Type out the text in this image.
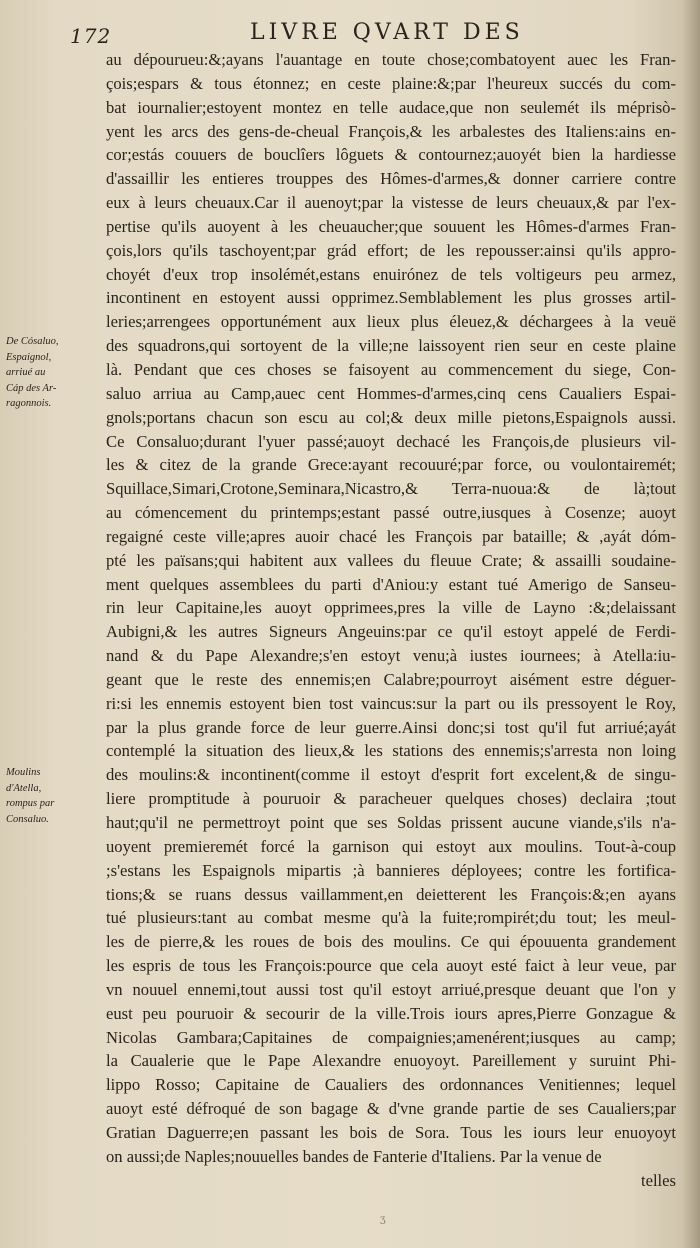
172	LIVRE QVART DES
De Cósaluo,
Espaignol,
arriué au
Cáp des Ar-
ragonnois.
Moulins
d'Atella,
rompus par
Consaluo.
au dépourueu:&;ayans l'auantage en toute chose;combatoyent auec les Fran-
çois;espars & tous étonnez; en ceste plaine:&;par l'heureux succés du com-
bat iournalier;estoyent montez en telle audace,que non seulemét ils méprisò-
yent les arcs des gens-de-cheual François,& les arbalestes des Italiens:ains en-
cor;estás couuers de bouclîers lôguets & contournez;auoyét bien la hardiesse
d'assaillir les entieres trouppes des Hômes-d'armes,& donner carriere contre
eux à leurs cheuaux.Car il auenoyt;par la vistesse de leurs cheuaux,& par l'ex-
pertise qu'ils auoyent à les cheuaucher;que souuent les Hômes-d'armes Fran-
çois,lors qu'ils taschoyent;par grád effort; de les repousser:ainsi qu'ils appro-
choyét d'eux trop insolémét,estans enuirónez de tels voltigeurs peu armez,
incontinent en estoyent aussi opprimez.Semblablement les plus grosses artil-
leries;arrengees opportunément aux lieux plus éleuez,& déchargees à la veuë
des squadrons,qui sortoyent de la ville;ne laissoyent rien seur en ceste plaine
là. Pendant que ces choses se faisoyent au commencement du siege, Con-
saluo arriua au Camp,auec cent Hommes-d'armes,cinq cens Caualiers Espai-
gnols;portans chacun son escu au col;& deux mille pietons,Espaignols aussi.
Ce Consaluo;durant l'yuer passé;auoyt dechacé les François,de plusieurs vil-
les & citez de la grande Grece:ayant recouuré;par force, ou voulontairemét;
Squillace,Simari,Crotone,Seminara,Nicastro,& Terra-nuoua:& de là;tout
au cómencement du printemps;estant passé outre,iusques à Cosenze; auoyt
regaigné ceste ville;apres auoir chacé les François par bataille; & ,ayát dóm-
pté les païsans;qui habitent aux vallees du fleuue Crate; & assailli soudaine-
ment quelques assemblees du parti d'Aniou:y estant tué Amerigo de Sanseu-
rin leur Capitaine,les auoyt opprimees,pres la ville de Layno :&;delaissant
Aubigni,& les autres Signeurs Angeuins:par ce qu'il estoyt appelé de Ferdi-
nand & du Pape Alexandre;s'en estoyt venu;à iustes iournees; à Atella:iu-
geant que le reste des ennemis;en Calabre;pourroyt aisément estre déguer-
ri:si les ennemis estoyent bien tost vaincus:sur la part ou ils pressoyent le Roy,
par la plus grande force de leur guerre.Ainsi donc;si tost qu'il fut arriué;ayát
contemplé la situation des lieux,& les stations des ennemis;s'arresta non loing
des moulins:& incontinent(comme il estoyt d'esprit fort excelent,& de singu-
liere promptitude à pouruoir & paracheuer quelques choses) declaira ;tout
haut;qu'il ne permettroyt point que ses Soldas prissent aucune viande,s'ils n'a-
uoyent premieremét forcé la garnison qui estoyt aux moulins. Tout-à-coup
;s'estans les Espaignols mipartis ;à bannieres déployees; contre les fortifica-
tions;& se ruans dessus vaillamment,en deietterent les François:&;en ayans
tué plusieurs:tant au combat mesme qu'à la fuite;rompirét;du tout; les meul-
les de pierre,& les roues de bois des moulins. Ce qui épouuenta grandement
les espris de tous les François:pource que cela auoyt esté faict à leur veue, par
vn nouuel ennemi,tout aussi tost qu'il estoyt arriué,presque deuant que l'on y
eust peu pouruoir & secourir de la ville.Trois iours apres,Pierre Gonzague &
Nicolas Gambara;Capitaines de compaignies;amenérent;iusques au camp;
la Caualerie que le Pape Alexandre enuoyoyt. Pareillement y suruint Phi-
lippo Rosso; Capitaine de Caualiers des ordonnances Venitiennes; lequel
auoyt esté défroqué de son bagage & d'vne grande partie de ses Caualiers;par
Gratian Daguerre;en passant les bois de Sora. Tous les iours leur enuoyoyt
on aussi;de Naples;nouuelles bandes de Fanterie d'Italiens. Par la venue de
telles
ʒ
